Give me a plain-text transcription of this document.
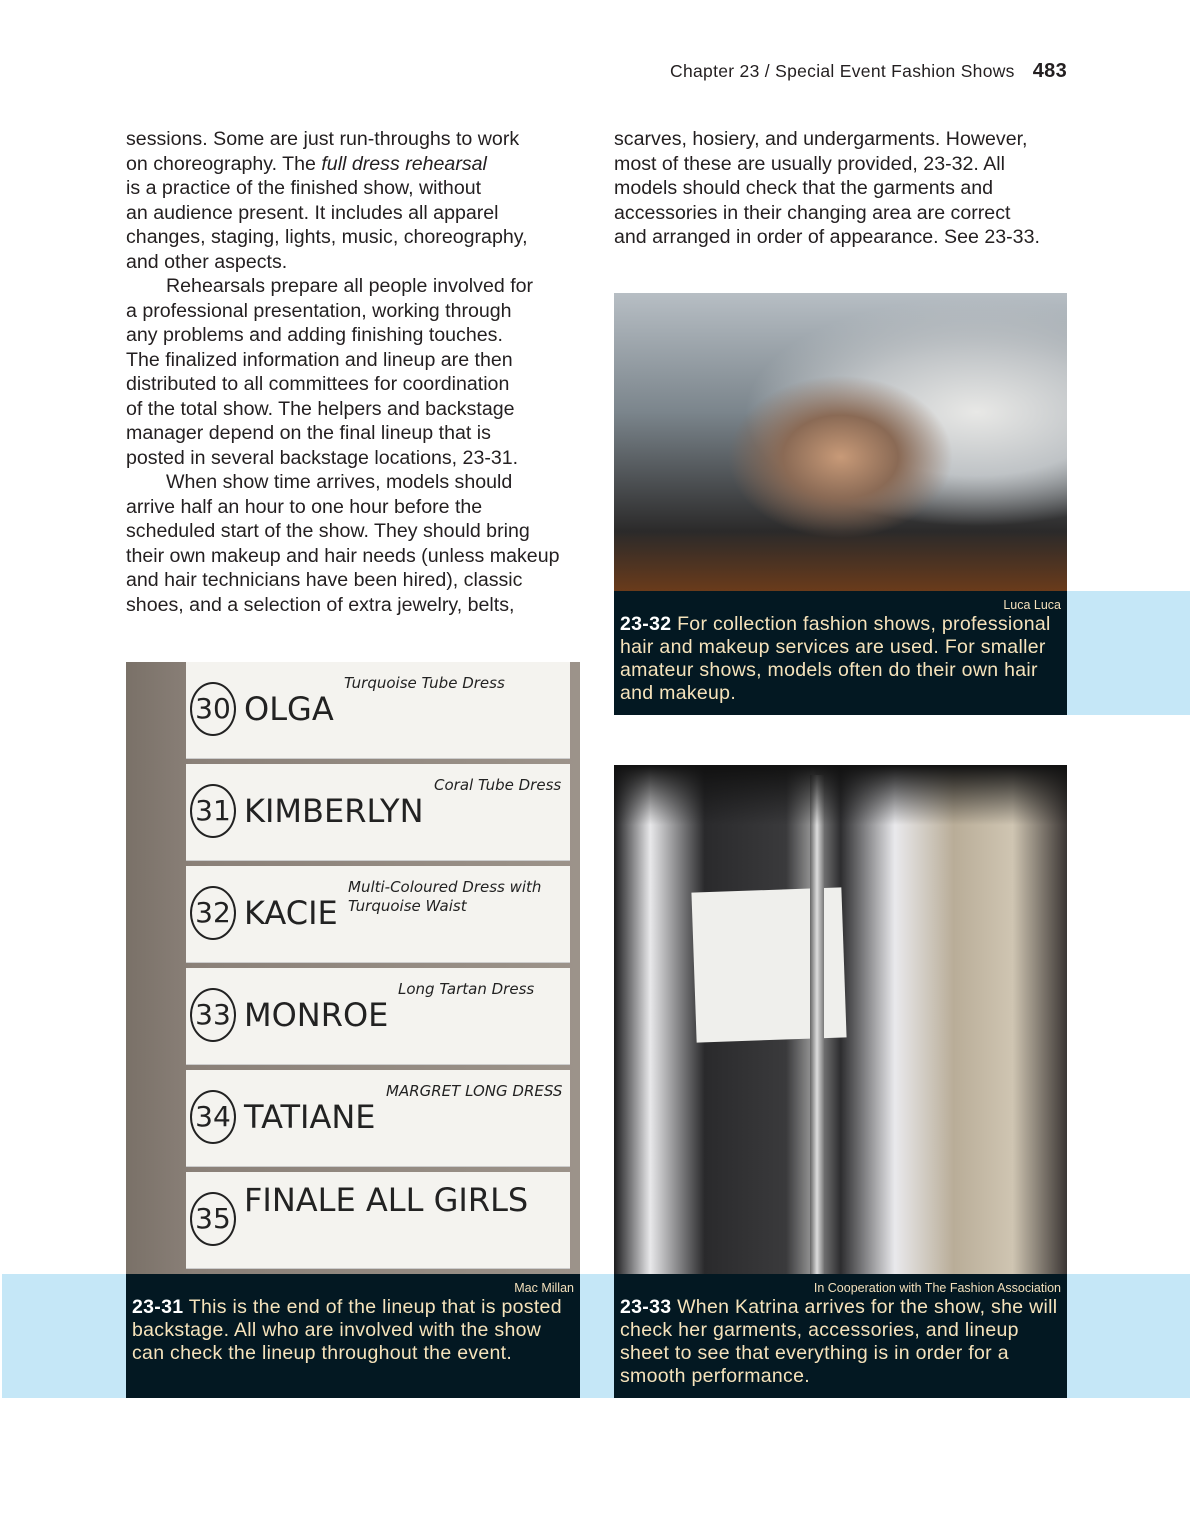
Chapter 23 / Special Event Fashion Shows 483
sessions. Some are just run-throughs to work
on choreography. The full dress rehearsal
is a practice of the finished show, without
an audience present. It includes all apparel
changes, staging, lights, music, choreography,
and other aspects.
Rehearsals prepare all people involved for
a professional presentation, working through
any problems and adding finishing touches.
The finalized information and lineup are then
distributed to all committees for coordination
of the total show. The helpers and backstage
manager depend on the final lineup that is
posted in several backstage locations, 23-31.
When show time arrives, models should
arrive half an hour to one hour before the
scheduled start of the show. They should bring
their own makeup and hair needs (unless makeup
and hair technicians have been hired), classic
shoes, and a selection of extra jewelry, belts,
scarves, hosiery, and undergarments. However,
most of these are usually provided, 23-32. All
models should check that the garments and
accessories in their changing area are correct
and arranged in order of appearance. See 23-33.
Luca Luca
23-32 For collection fashion shows, professional hair and makeup services are used. For smaller amateur shows, models often do their own hair and makeup.
30 OLGA
Turquoise Tube Dress
31 KIMBERLYN
Coral Tube Dress
32 KACIE
Multi-Coloured Dress with Turquoise Waist
33 MONROE
Long Tartan Dress
34 TATIANE
MARGRET LONG DRESS
35 FINALE ALL GIRLS
Mac Millan
23-31 This is the end of the lineup that is posted backstage. All who are involved with the show can check the lineup throughout the event.
In Cooperation with The Fashion Association
23-33 When Katrina arrives for the show, she will check her garments, accessories, and lineup sheet to see that everything is in order for a smooth performance.
